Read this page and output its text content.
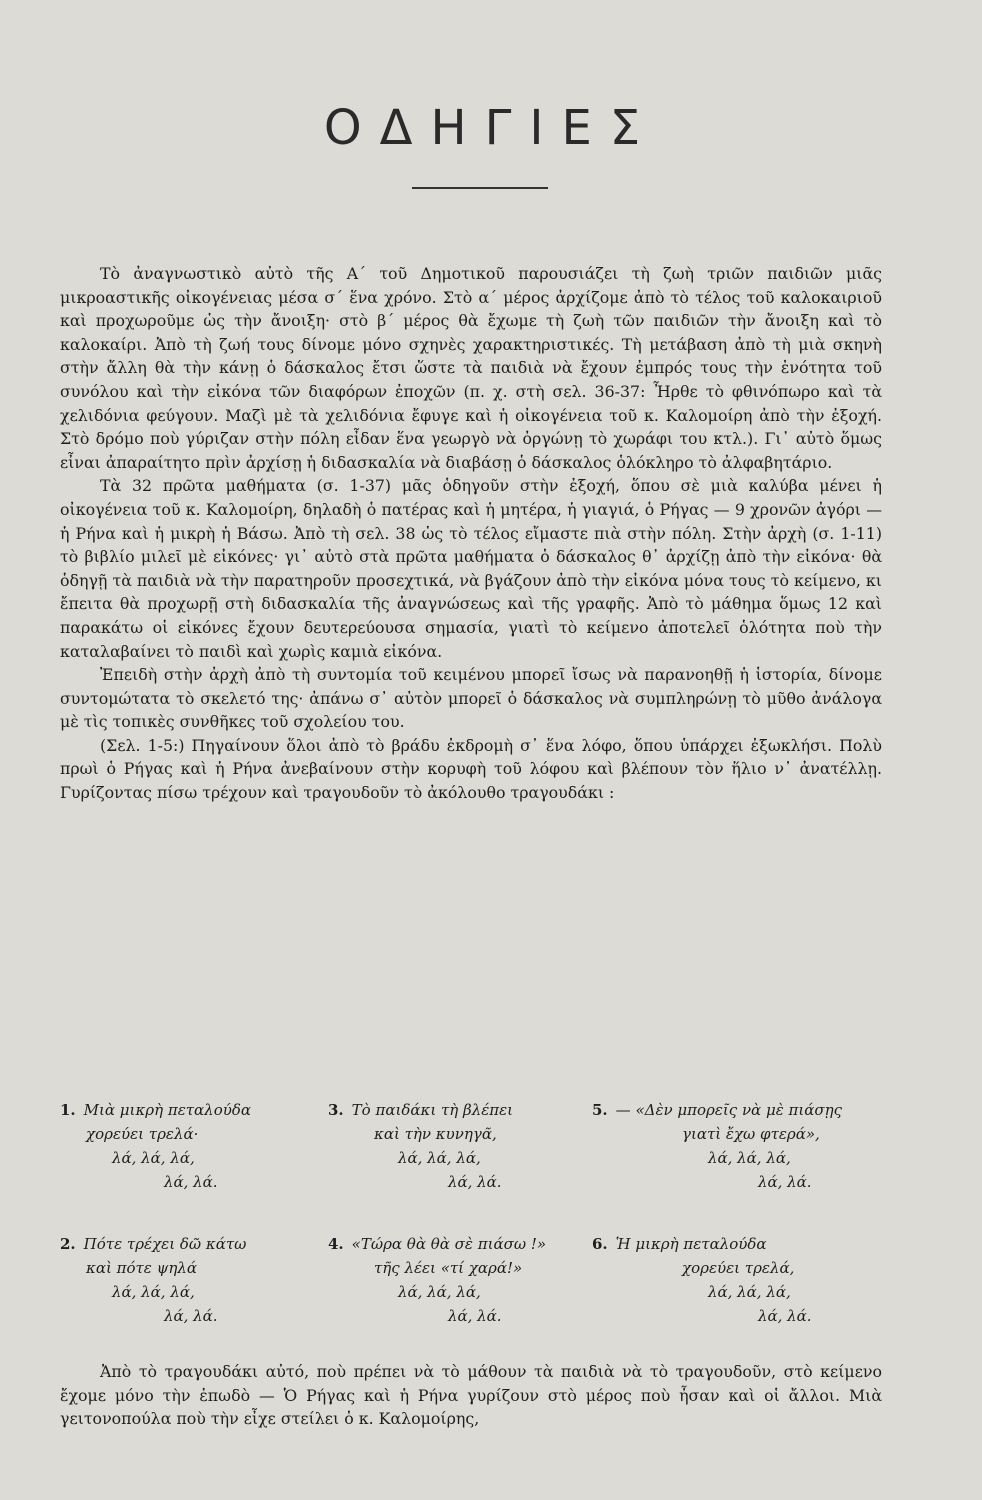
ΟΔΗΓΙΕΣ

Τὸ ἀναγνωστικὸ αὐτὸ τῆς Α΄ τοῦ Δημοτικοῦ παρουσιάζει τὴ ζωὴ τριῶν παιδιῶν μιᾶς μικροαστικῆς οἰκογένειας μέσα σ΄ ἕνα χρόνο. Στὸ α΄ μέρος ἀρχίζομε ἀπὸ τὸ τέλος τοῦ καλοκαιριοῦ καὶ προχωροῦμε ὡς τὴν ἄνοιξη· στὸ β΄ μέρος θὰ ἔχωμε τὴ ζωὴ τῶν παιδιῶν τὴν ἄνοιξη καὶ τὸ καλοκαίρι. Ἀπὸ τὴ ζωή τους δίνομε μόνο σχηνὲς χαρακτηριστικές. Τὴ μετάβαση ἀπὸ τὴ μιὰ σκηνὴ στὴν ἄλλη θὰ τὴν κάνῃ ὁ δάσκαλος ἔτσι ὥστε τὰ παιδιὰ νὰ ἔχουν ἐμπρός τους τὴν ἑνότητα τοῦ συνόλου καὶ τὴν εἰκόνα τῶν διαφόρων ἐποχῶν (π. χ. στὴ σελ. 36-37: Ἦρθε τὸ φθινόπωρο καὶ τὰ χελιδόνια φεύγουν. Μαζὶ μὲ τὰ χελιδόνια ἔφυγε καὶ ἡ οἰκογένεια τοῦ κ. Καλομοίρη ἀπὸ τὴν ἐξοχή. Στὸ δρόμο ποὺ γύριζαν στὴν πόλη εἶδαν ἕνα γεωργὸ νὰ ὀργώνῃ τὸ χωράφι του κτλ.). Γι᾽ αὐτὸ ὅμως εἶναι ἀπαραίτητο πρὶν ἀρχίσῃ ἡ διδασκαλία νὰ διαβάσῃ ὁ δάσκαλος ὁλόκληρο τὸ ἀλφαβητάριο.

Τὰ 32 πρῶτα μαθήματα (σ. 1-37) μᾶς ὁδηγοῦν στὴν ἐξοχή, ὅπου σὲ μιὰ καλύβα μένει ἡ οἰκογένεια τοῦ κ. Καλομοίρη, δηλαδὴ ὁ πατέρας καὶ ἡ μητέρα, ἡ γιαγιά, ὁ Ρήγας — 9 χρονῶν ἀγόρι — ἡ Ρήνα καὶ ἡ μικρὴ ἡ Βάσω. Ἀπὸ τὴ σελ. 38 ὡς τὸ τέλος εἴμαστε πιὰ στὴν πόλη. Στὴν ἀρχὴ (σ. 1-11) τὸ βιβλίο μιλεῖ μὲ εἰκόνες· γι᾽ αὐτὸ στὰ πρῶτα μαθήματα ὁ δάσκαλος θ᾽ ἀρχίζῃ ἀπὸ τὴν εἰκόνα· θὰ ὁδηγῇ τὰ παιδιὰ νὰ τὴν παρατηροῦν προσεχτικά, νὰ βγάζουν ἀπὸ τὴν εἰκόνα μόνα τους τὸ κείμενο, κι ἔπειτα θὰ προχωρῇ στὴ διδασκαλία τῆς ἀναγνώσεως καὶ τῆς γραφῆς. Ἀπὸ τὸ μάθημα ὅμως 12 καὶ παρακάτω οἱ εἰκόνες ἔχουν δευτερεύουσα σημασία, γιατὶ τὸ κείμενο ἀποτελεῖ ὁλότητα ποὺ τὴν καταλαβαίνει τὸ παιδὶ καὶ χωρὶς καμιὰ εἰκόνα.

Ἐπειδὴ στὴν ἀρχὴ ἀπὸ τὴ συντομία τοῦ κειμένου μπορεῖ ἴσως νὰ παρανοηθῇ ἡ ἱστορία, δίνομε συντομώτατα τὸ σκελετό της· ἀπάνω σ᾽ αὐτὸν μπορεῖ ὁ δάσκαλος νὰ συμπληρώνῃ τὸ μῦθο ἀνάλογα μὲ τὶς τοπικὲς συνθῆκες τοῦ σχολείου του.

(Σελ. 1-5:) Πηγαίνουν ὅλοι ἀπὸ τὸ βράδυ ἐκδρομὴ σ᾽ ἕνα λόφο, ὅπου ὑπάρχει ἐξωκλήσι. Πολὺ πρωὶ ὁ Ρήγας καὶ ἡ Ρήνα ἀνεβαίνουν στὴν κορυφὴ τοῦ λόφου καὶ βλέπουν τὸν ἥλιο ν᾽ ἀνατέλλῃ. Γυρίζοντας πίσω τρέχουν καὶ τραγουδοῦν τὸ ἀκόλουθο τραγουδάκι :

1. Μιὰ μικρὴ πεταλούδα
χορεύει τρελά·
λά, λά, λά,
λά, λά.
3. Τὸ παιδάκι τὴ βλέπει
καὶ τὴν κυνηγᾶ,
λά, λά, λά,
λά, λά.
5. — «Δὲν μπορεῖς νὰ μὲ πιάσῃς
γιατὶ ἔχω φτερά»,
λά, λά, λά,
λά, λά.
2. Πότε τρέχει δῶ κάτω
καὶ πότε ψηλά
λά, λά, λά,
λά, λά.
4. «Τώρα θὰ θὰ σὲ πιάσω !»
τῆς λέει «τί χαρά!»
λά, λά, λά,
λά, λά.
6. Ἡ μικρὴ πεταλούδα
χορεύει τρελά,
λά, λά, λά,
λά, λά.

Ἀπὸ τὸ τραγουδάκι αὐτό, ποὺ πρέπει νὰ τὸ μάθουν τὰ παιδιὰ νὰ τὸ τραγουδοῦν, στὸ κείμενο ἔχομε μόνο τὴν ἐπωδὸ — Ὁ Ρήγας καὶ ἡ Ρήνα γυρίζουν στὸ μέρος ποὺ ἦσαν καὶ οἱ ἄλλοι. Μιὰ γειτονοπούλα ποὺ τὴν εἶχε στείλει ὁ κ. Καλομοίρης,
